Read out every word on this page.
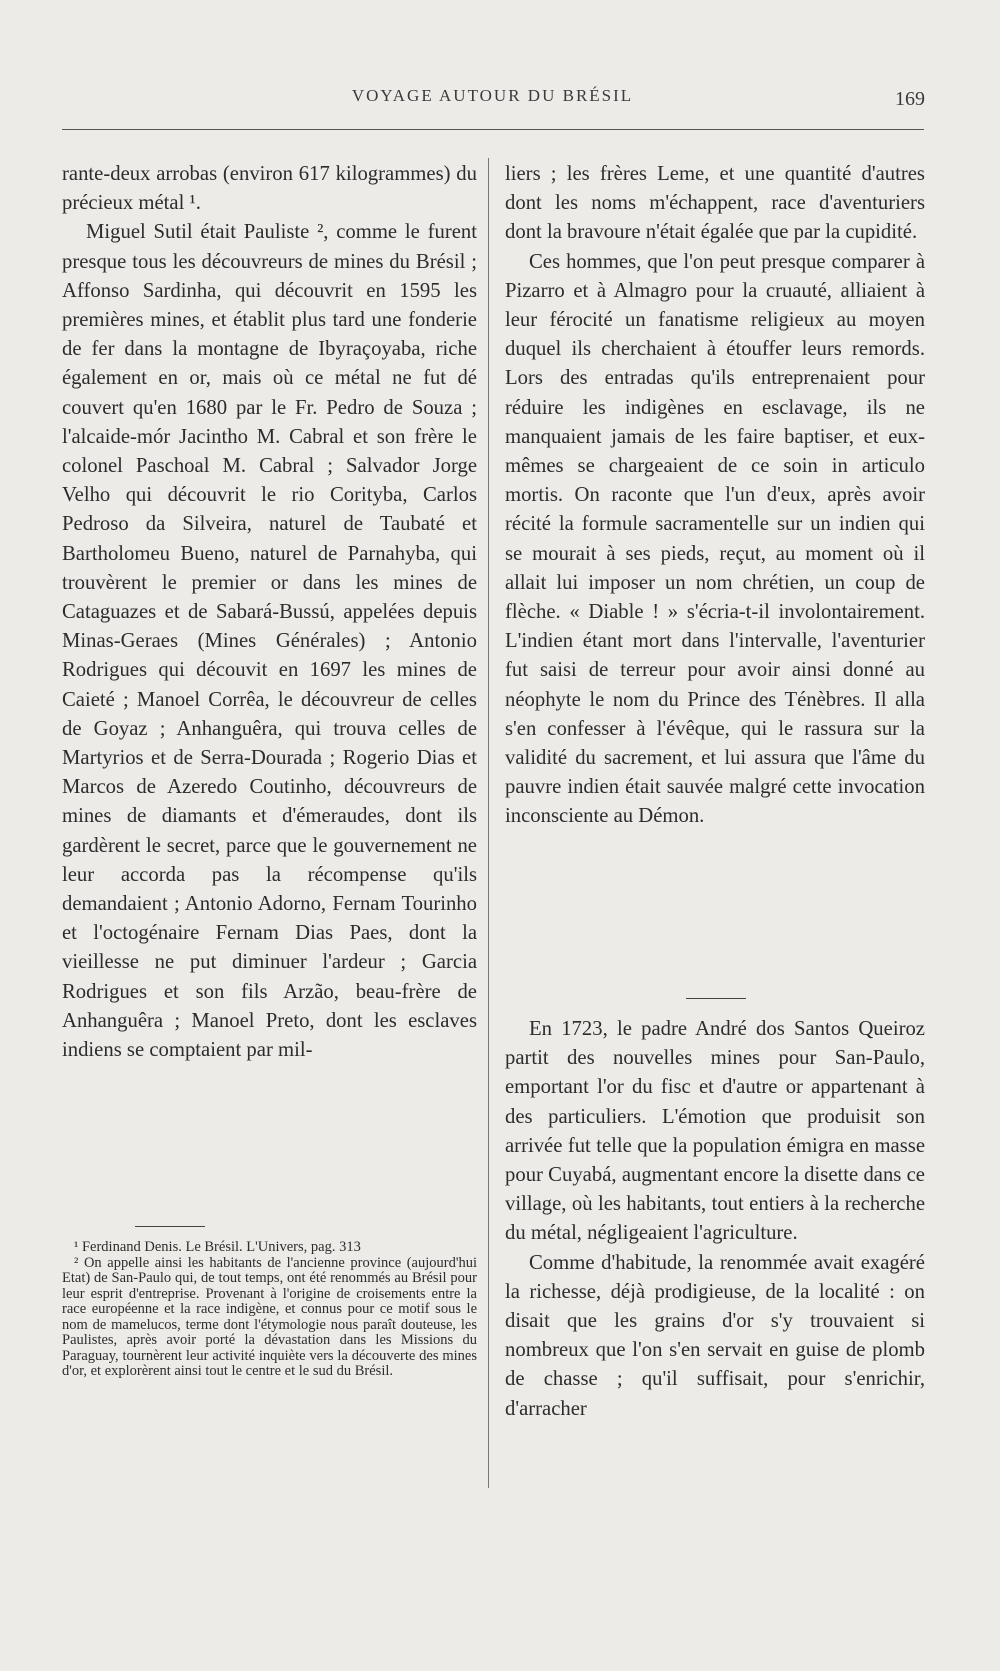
VOYAGE AUTOUR DU BRÉSIL	169

rante-deux arrobas (environ 617 kilogrammes) du précieux métal ¹.

Miguel Sutil était Pauliste ², comme le furent presque tous les découvreurs de mines du Brésil ; Affonso Sardinha, qui découvrit en 1595 les premières mines, et établit plus tard une fonderie de fer dans la montagne de Ibyraçoyaba, riche également en or, mais où ce métal ne fut dé couvert qu'en 1680 par le Fr. Pedro de Souza ; l'alcaide-mór Jacintho M. Cabral et son frère le colonel Paschoal M. Cabral ; Salvador Jorge Velho qui découvrit le rio Corityba, Carlos Pedroso da Silveira, naturel de Taubaté et Bartholomeu Bueno, naturel de Parnahyba, qui trouvèrent le premier or dans les mines de Cataguazes et de Sabará-Bussú, appelées depuis Minas-Geraes (Mines Générales) ; Antonio Rodrigues qui découvit en 1697 les mines de Caieté ; Manoel Corrêa, le découvreur de celles de Goyaz ; Anhanguêra, qui trouva celles de Martyrios et de Serra-Dourada ; Rogerio Dias et Marcos de Azeredo Coutinho, découvreurs de mines de diamants et d'émeraudes, dont ils gardèrent le secret, parce que le gouvernement ne leur accorda pas la récompense qu'ils demandaient ; Antonio Adorno, Fernam Tourinho et l'octogénaire Fernam Dias Paes, dont la vieillesse ne put diminuer l'ardeur ; Garcia Rodrigues et son fils Arzão, beau-frère de Anhanguêra ; Manoel Preto, dont les esclaves indiens se comptaient par mil-

liers ; les frères Leme, et une quantité d'autres dont les noms m'échappent, race d'aventuriers dont la bravoure n'était égalée que par la cupidité.

Ces hommes, que l'on peut presque comparer à Pizarro et à Almagro pour la cruauté, alliaient à leur férocité un fanatisme religieux au moyen duquel ils cherchaient à étouffer leurs remords. Lors des entradas qu'ils entreprenaient pour réduire les indigènes en esclavage, ils ne manquaient jamais de les faire baptiser, et eux-mêmes se chargeaient de ce soin in articulo mortis. On raconte que l'un d'eux, après avoir récité la formule sacramentelle sur un indien qui se mourait à ses pieds, reçut, au moment où il allait lui imposer un nom chrétien, un coup de flèche. « Diable ! » s'écria-t-il involontairement. L'indien étant mort dans l'intervalle, l'aventurier fut saisi de terreur pour avoir ainsi donné au néophyte le nom du Prince des Ténèbres. Il alla s'en confesser à l'évêque, qui le rassura sur la validité du sacrement, et lui assura que l'âme du pauvre indien était sauvée malgré cette invocation inconsciente au Démon.

En 1723, le padre André dos Santos Queiroz partit des nouvelles mines pour San-Paulo, emportant l'or du fisc et d'autre or appartenant à des particuliers. L'émotion que produisit son arrivée fut telle que la population émigra en masse pour Cuyabá, augmentant encore la disette dans ce village, où les habitants, tout entiers à la recherche du métal, négligeaient l'agriculture.

Comme d'habitude, la renommée avait exagéré la richesse, déjà prodigieuse, de la localité : on disait que les grains d'or s'y trouvaient si nombreux que l'on s'en servait en guise de plomb de chasse ; qu'il suffisait, pour s'enrichir, d'arracher

¹ Ferdinand Denis. Le Brésil. L'Univers, pag. 313

² On appelle ainsi les habitants de l'ancienne province (aujourd'hui Etat) de San-Paulo qui, de tout temps, ont été renommés au Brésil pour leur esprit d'entreprise. Provenant à l'origine de croisements entre la race européenne et la race indigène, et connus pour ce motif sous le nom de mamelucos, terme dont l'étymologie nous paraît douteuse, les Paulistes, après avoir porté la dévastation dans les Missions du Paraguay, tournèrent leur activité inquiète vers la découverte des mines d'or, et explorèrent ainsi tout le centre et le sud du Brésil.
